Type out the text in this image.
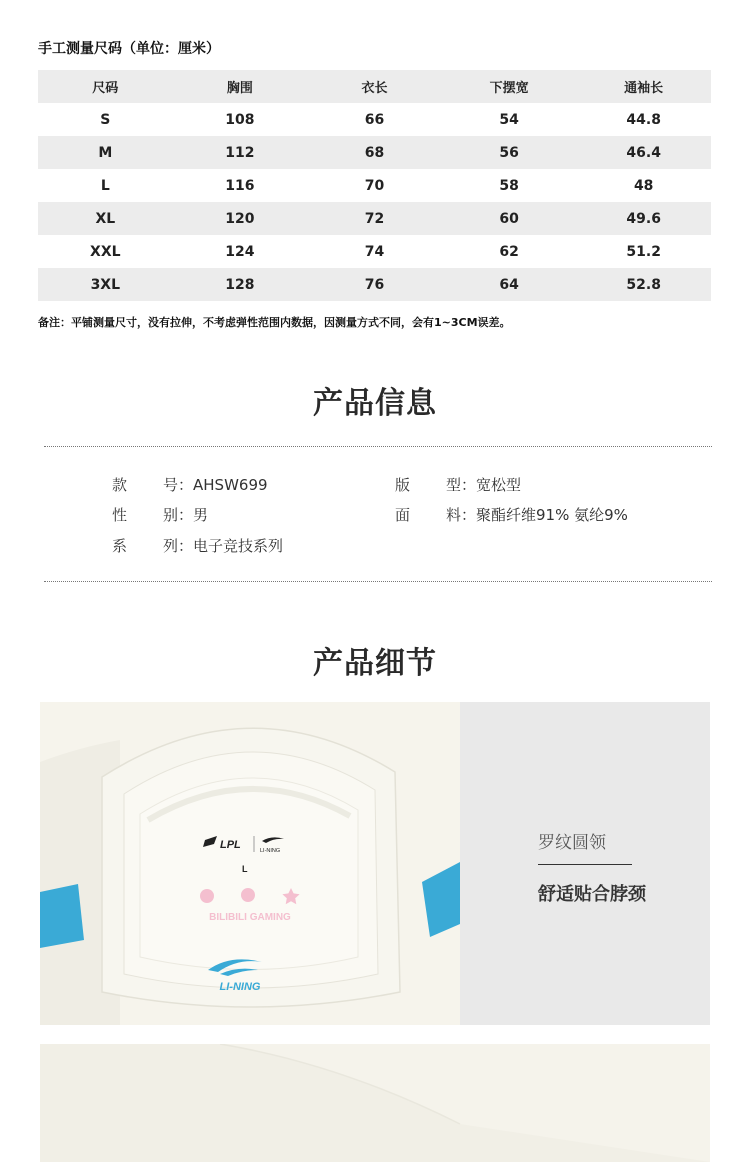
手工测量尺码（单位：厘米）
尺码	胸围	衣长	下摆宽	通袖长
S	108	66	54	44.8
M	112	68	56	46.4
L	116	70	58	48
XL	120	72	60	49.6
XXL	124	74	62	51.2
3XL	128	76	64	52.8
备注：平铺测量尺寸，没有拉伸，不考虑弹性范围内数据，因测量方式不同，会有1~3CM误差。
产品信息
款 号 ：AHSW699	版 型 ：宽松型
性 别 ：男	面 料 ：聚酯纤维91% 氨纶9%
系 列 ：电子竞技系列
产品细节
LPL	LI-NING
L
BILIBILI GAMING
LI-NING
罗纹圆领
舒适贴合脖颈
